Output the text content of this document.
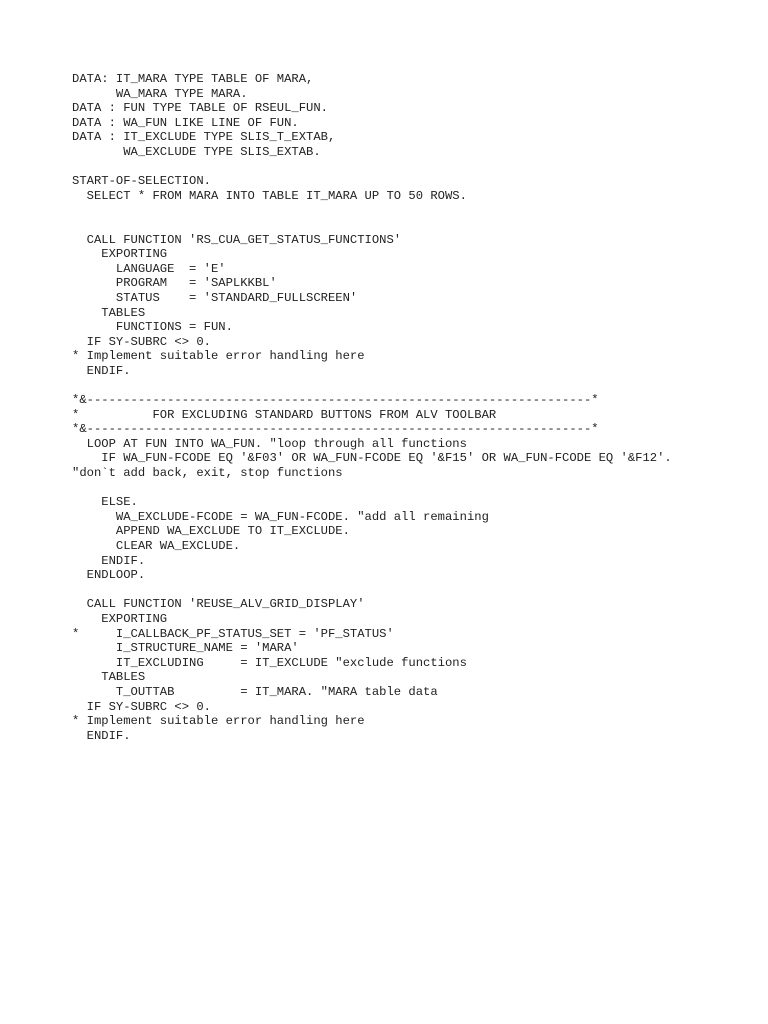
DATA: IT_MARA TYPE TABLE OF MARA,
WA_MARA TYPE MARA.
DATA : FUN TYPE TABLE OF RSEUL_FUN.
DATA : WA_FUN LIKE LINE OF FUN.
DATA : IT_EXCLUDE TYPE SLIS_T_EXTAB,
WA_EXCLUDE TYPE SLIS_EXTAB.
START-OF-SELECTION.
SELECT * FROM MARA INTO TABLE IT_MARA UP TO 50 ROWS.
CALL FUNCTION 'RS_CUA_GET_STATUS_FUNCTIONS'
EXPORTING
LANGUAGE  = 'E'
PROGRAM   = 'SAPLKKBL'
STATUS    = 'STANDARD_FULLSCREEN'
TABLES
FUNCTIONS = FUN.
IF SY-SUBRC <> 0.
* Implement suitable error handling here
ENDIF.
*&---------------------------------------------------------------------*
*          FOR EXCLUDING STANDARD BUTTONS FROM ALV TOOLBAR
*&---------------------------------------------------------------------*
LOOP AT FUN INTO WA_FUN. "loop through all functions
IF WA_FUN-FCODE EQ '&F03' OR WA_FUN-FCODE EQ '&F15' OR WA_FUN-FCODE EQ '&F12'.
"don`t add back, exit, stop functions
ELSE.
WA_EXCLUDE-FCODE = WA_FUN-FCODE. "add all remaining
APPEND WA_EXCLUDE TO IT_EXCLUDE.
CLEAR WA_EXCLUDE.
ENDIF.
ENDLOOP.
CALL FUNCTION 'REUSE_ALV_GRID_DISPLAY'
EXPORTING
*     I_CALLBACK_PF_STATUS_SET = 'PF_STATUS'
I_STRUCTURE_NAME = 'MARA'
IT_EXCLUDING     = IT_EXCLUDE "exclude functions
TABLES
T_OUTTAB         = IT_MARA. "MARA table data
IF SY-SUBRC <> 0.
* Implement suitable error handling here
ENDIF.
